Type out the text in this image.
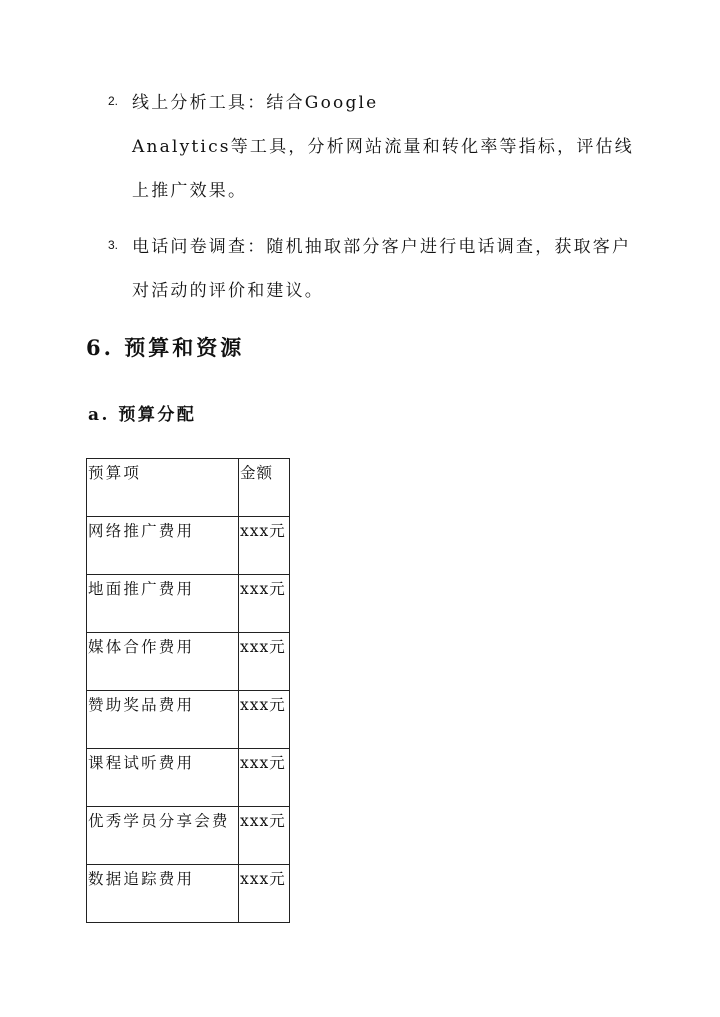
2. 线上分析工具：结合Google
Analytics等工具，分析网站流量和转化率等指标，评估线
上推广效果。
3. 电话问卷调查：随机抽取部分客户进行电话调查，获取客户
对活动的评价和建议。
6. 预算和资源
a. 预算分配
预算项	金额
网络推广费用	xxx元
地面推广费用	xxx元
媒体合作费用	xxx元
赞助奖品费用	xxx元
课程试听费用	xxx元
优秀学员分享会费	xxx元
数据追踪费用	xxx元
